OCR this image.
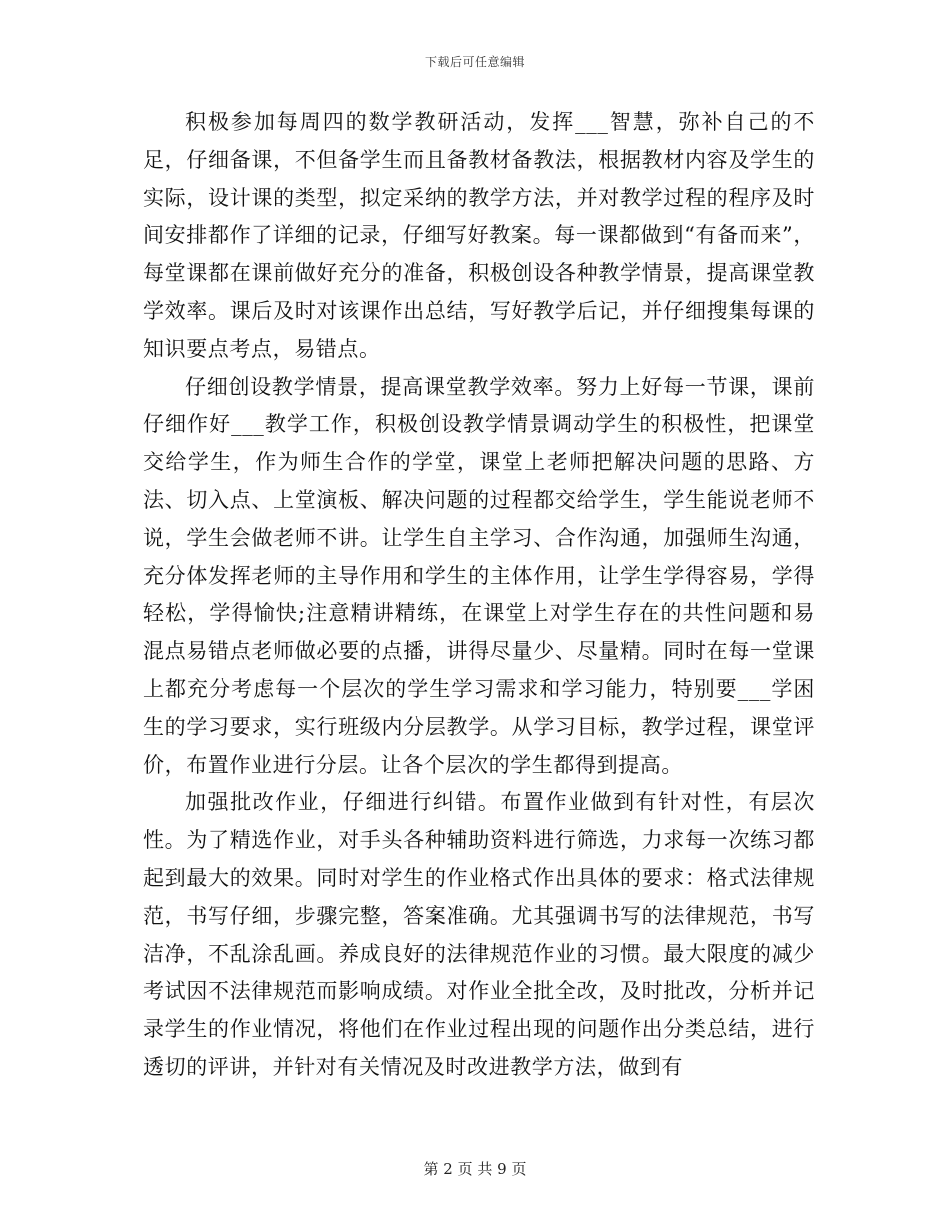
下载后可任意编辑

积极参加每周四的数学教研活动，发挥___智慧，弥补自己的不足，仔细备课，不但备学生而且备教材备教法，根据教材内容及学生的实际，设计课的类型，拟定采纳的教学方法，并对教学过程的程序及时间安排都作了详细的记录，仔细写好教案。每一课都做到“有备而来”，每堂课都在课前做好充分的准备，积极创设各种教学情景，提高课堂教学效率。课后及时对该课作出总结，写好教学后记，并仔细搜集每课的知识要点考点，易错点。

仔细创设教学情景，提高课堂教学效率。努力上好每一节课，课前仔细作好___教学工作，积极创设教学情景调动学生的积极性，把课堂交给学生，作为师生合作的学堂，课堂上老师把解决问题的思路、方法、切入点、上堂演板、解决问题的过程都交给学生，学生能说老师不说，学生会做老师不讲。让学生自主学习、合作沟通，加强师生沟通，充分体发挥老师的主导作用和学生的主体作用，让学生学得容易，学得轻松，学得愉快;注意精讲精练，在课堂上对学生存在的共性问题和易混点易错点老师做必要的点播，讲得尽量少、尽量精。同时在每一堂课上都充分考虑每一个层次的学生学习需求和学习能力，特别要___学困生的学习要求，实行班级内分层教学。从学习目标，教学过程，课堂评价，布置作业进行分层。让各个层次的学生都得到提高。

加强批改作业，仔细进行纠错。布置作业做到有针对性，有层次性。为了精选作业，对手头各种辅助资料进行筛选，力求每一次练习都起到最大的效果。同时对学生的作业格式作出具体的要求：格式法律规范，书写仔细，步骤完整，答案准确。尤其强调书写的法律规范，书写洁净，不乱涂乱画。养成良好的法律规范作业的习惯。最大限度的减少考试因不法律规范而影响成绩。对作业全批全改，及时批改，分析并记录学生的作业情况，将他们在作业过程出现的问题作出分类总结，进行透切的评讲，并针对有关情况及时改进教学方法，做到有

第 2 页 共 9 页
